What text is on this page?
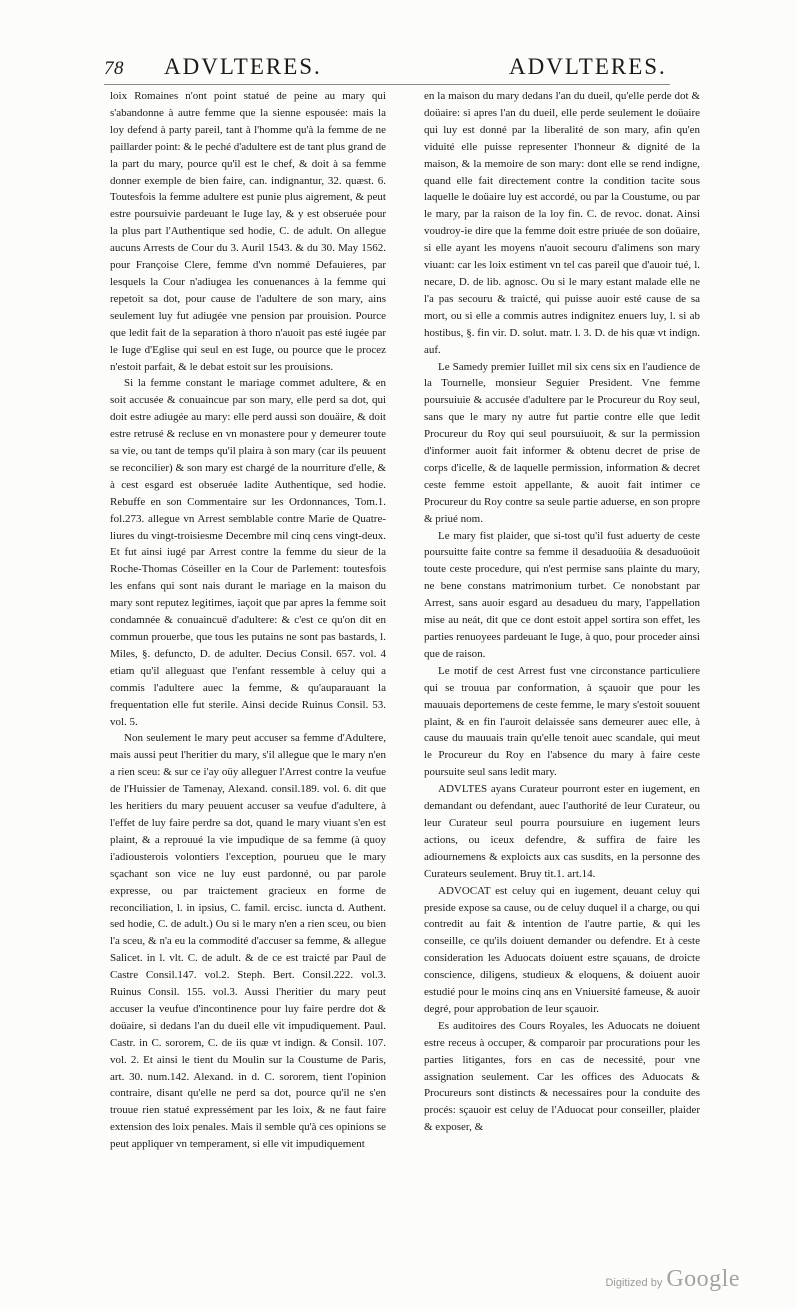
78 ADVLTERES.	ADVLTERES.

loix Romaines n'ont point statué de peine au mary qui s'abandonne à autre femme que la sienne espousée: mais la loy defend à party pareil, tant à l'homme qu'à la femme de ne paillarder point: & le peché d'adultere est de tant plus grand de la part du mary, pource qu'il est le chef, & doit à sa femme donner exemple de bien faire, can. indignantur, 32. quæst. 6. Toutesfois la femme adultere est punie plus aigrement, & peut estre poursuivie pardeuant le Iuge lay, & y est obseruée pour la plus part l'Authentique sed hodie, C. de adult. On allegue aucuns Arrests de Cour du 3. Auril 1543. & du 30. May 1562. pour Françoise Clere, femme d'vn nommé Defauieres, par lesquels la Cour n'adiugea les conuenances à la femme qui repetoit sa dot, pour cause de l'adultere de son mary, ains seulement luy fut adiugée vne pension par prouision. Pource que ledit fait de la separation à thoro n'auoit pas esté iugée par le Iuge d'Eglise qui seul en est Iuge, ou pource que le procez n'estoit parfait, & le debat estoit sur les prouisions.

Si la femme constant le mariage commet adultere, & en soit accusée & conuaincue par son mary, elle perd sa dot, qui doit estre adiugée au mary: elle perd aussi son douäire, & doit estre retrusé & recluse en vn monastere pour y demeurer toute sa vie, ou tant de temps qu'il plaira à son mary (car ils peuuent se reconcilier) & son mary est chargé de la nourriture d'elle, & à cest esgard est obseruée ladite Authentique, sed hodie. Rebuffe en son Commentaire sur les Ordonnances, Tom.1. fol.273. allegue vn Arrest semblable contre Marie de Quatre-liures du vingt-troisiesme Decembre mil cinq cens vingt-deux. Et fut ainsi iugé par Arrest contre la femme du sieur de la Roche-Thomas Cóseiller en la Cour de Parlement: toutesfois les enfans qui sont nais durant le mariage en la maison du mary sont reputez legitimes, iaçoit que par apres la femme soit condamnée & conuaincuë d'adultere: & c'est ce qu'on dit en commun prouerbe, que tous les putains ne sont pas bastards, l. Miles, §. defuncto, D. de adulter. Decius Consil. 657. vol. 4 etiam qu'il alleguast que l'enfant ressemble à celuy qui a commis l'adultere auec la femme, & qu'auparauant la frequentation elle fut sterile. Ainsi decide Ruinus Consil. 53. vol. 5.

Non seulement le mary peut accuser sa femme d'Adultere, mais aussi peut l'heritier du mary, s'il allegue que le mary n'en a rien sceu: & sur ce i'ay oüy alleguer l'Arrest contre la veufue de l'Huissier de Tamenay, Alexand. consil.189. vol. 6. dit que les heritiers du mary peuuent accuser sa veufue d'adultere, à l'effet de luy faire perdre sa dot, quand le mary viuant s'en est plaint, & a reprouué la vie impudique de sa femme (à quoy i'adiousterois volontiers l'exception, pourueu que le mary sçachant son vice ne luy eust pardonné, ou par parole expresse, ou par traictement gracieux en forme de reconciliation, l. in ipsius, C. famil. ercisc. iuncta d. Authent. sed hodie, C. de adult.) Ou si le mary n'en a rien sceu, ou bien l'a sceu, & n'a eu la commodité d'accuser sa femme, & allegue Salicet. in l. vlt. C. de adult. & de ce est traicté par Paul de Castre Consil.147. vol.2. Steph. Bert. Consil.222. vol.3. Ruinus Consil. 155. vol.3. Aussi l'heritier du mary peut accuser la veufue d'incontinence pour luy faire perdre dot & doüaire, si dedans l'an du dueil elle vit impudiquement. Paul. Castr. in C. sororem, C. de iis quæ vt indign. & Consil. 107. vol. 2. Et ainsi le tient du Moulin sur la Coustume de Paris, art. 30. num.142. Alexand. in d. C. sororem, tient l'opinion contraire, disant qu'elle ne perd sa dot, pource qu'il ne s'en trouue rien statué expressément par les loix, & ne faut faire extension des loix penales. Mais il semble qu'à ces opinions se peut appliquer vn temperament, si elle vit impudiquement

en la maison du mary dedans l'an du dueil, qu'elle perde dot & doüaire: si apres l'an du dueil, elle perde seulement le doüaire qui luy est donné par la liberalité de son mary, afin qu'en viduité elle puisse representer l'honneur & dignité de la maison, & la memoire de son mary: dont elle se rend indigne, quand elle fait directement contre la condition tacite sous laquelle le doüaire luy est accordé, ou par la Coustume, ou par le mary, par la raison de la loy fin. C. de revoc. donat. Ainsi voudroy-ie dire que la femme doit estre priuée de son doüaire, si elle ayant les moyens n'auoit secouru d'alimens son mary viuant: car les loix estiment vn tel cas pareil que d'auoir tué, l. necare, D. de lib. agnosc. Ou si le mary estant malade elle ne l'a pas secouru & traicté, qui puisse auoir esté cause de sa mort, ou si elle a commis autres indignitez enuers luy, l. si ab hostibus, §. fin vir. D. solut. matr. l. 3. D. de his quæ vt indign. auf.

Le Samedy premier Iuillet mil six cens six en l'audience de la Tournelle, monsieur Seguier President. Vne femme poursuiuie & accusée d'adultere par le Procureur du Roy seul, sans que le mary ny autre fut partie contre elle que ledit Procureur du Roy qui seul poursuiuoit, & sur la permission d'informer auoit fait informer & obtenu decret de prise de corps d'icelle, & de laquelle permission, information & decret ceste femme estoit appellante, & auoit fait intimer ce Procureur du Roy contre sa seule partie aduerse, en son propre & priué nom.

Le mary fist plaider, que si-tost qu'il fust aduerty de ceste poursuitte faite contre sa femme il desaduoüia & desaduoüoit toute ceste procedure, qui n'est permise sans plainte du mary, ne bene constans matrimonium turbet. Ce nonobstant par Arrest, sans auoir esgard au desaduеu du mary, l'appellation mise au neát, dit que ce dont estoit appel sortira son effet, les parties renuoyees pardeuant le Iuge, à quo, pour proceder ainsi que de raison.

Le motif de cest Arrest fust vne circonstance particuliere qui se trouua par conformation, à sçauoir que pour les mauuais deportemens de ceste femme, le mary s'estoit souuent plaint, & en fin l'auroit delaissée sans demeurer auec elle, à cause du mauuais train qu'elle tenoit auec scandale, qui meut le Procureur du Roy en l'absence du mary à faire ceste poursuite seul sans ledit mary.

ADVLTES ayans Curateur pourront ester en iugement, en demandant ou defendant, auec l'authorité de leur Curateur, ou leur Curateur seul pourra poursuiure en iugement leurs actions, ou iceux defendre, & suffira de faire les adiournemens & exploicts aux cas susdits, en la personne des Curateurs seulement. Bruy tit.1. art.14.

ADVOCAT est celuy qui en iugement, deuant celuy qui preside expose sa cause, ou de celuy duquel il a charge, ou qui contredit au fait & intention de l'autre partie, & qui les conseille, ce qu'ils doiuent demander ou defendre. Et à ceste consideration les Aduocats doiuent estre sçauans, de droicte conscience, diligens, studieux & eloquens, & doiuent auoir estudié pour le moins cinq ans en Vniuersité fameuse, & auoir degré, pour approbation de leur sçauoir.

Es auditoires des Cours Royales, les Aduocats ne doiuent estre receus à occuper, & comparoir par procurations pour les parties litigantes, fors en cas de necessité, pour vne assignation seulement. Car les offices des Aduocats & Procureurs sont distincts & necessaires pour la conduite des procés: sçauoir est celuy de l'Aduocat pour conseiller, plaider & exposer, &

Digitized by Google
